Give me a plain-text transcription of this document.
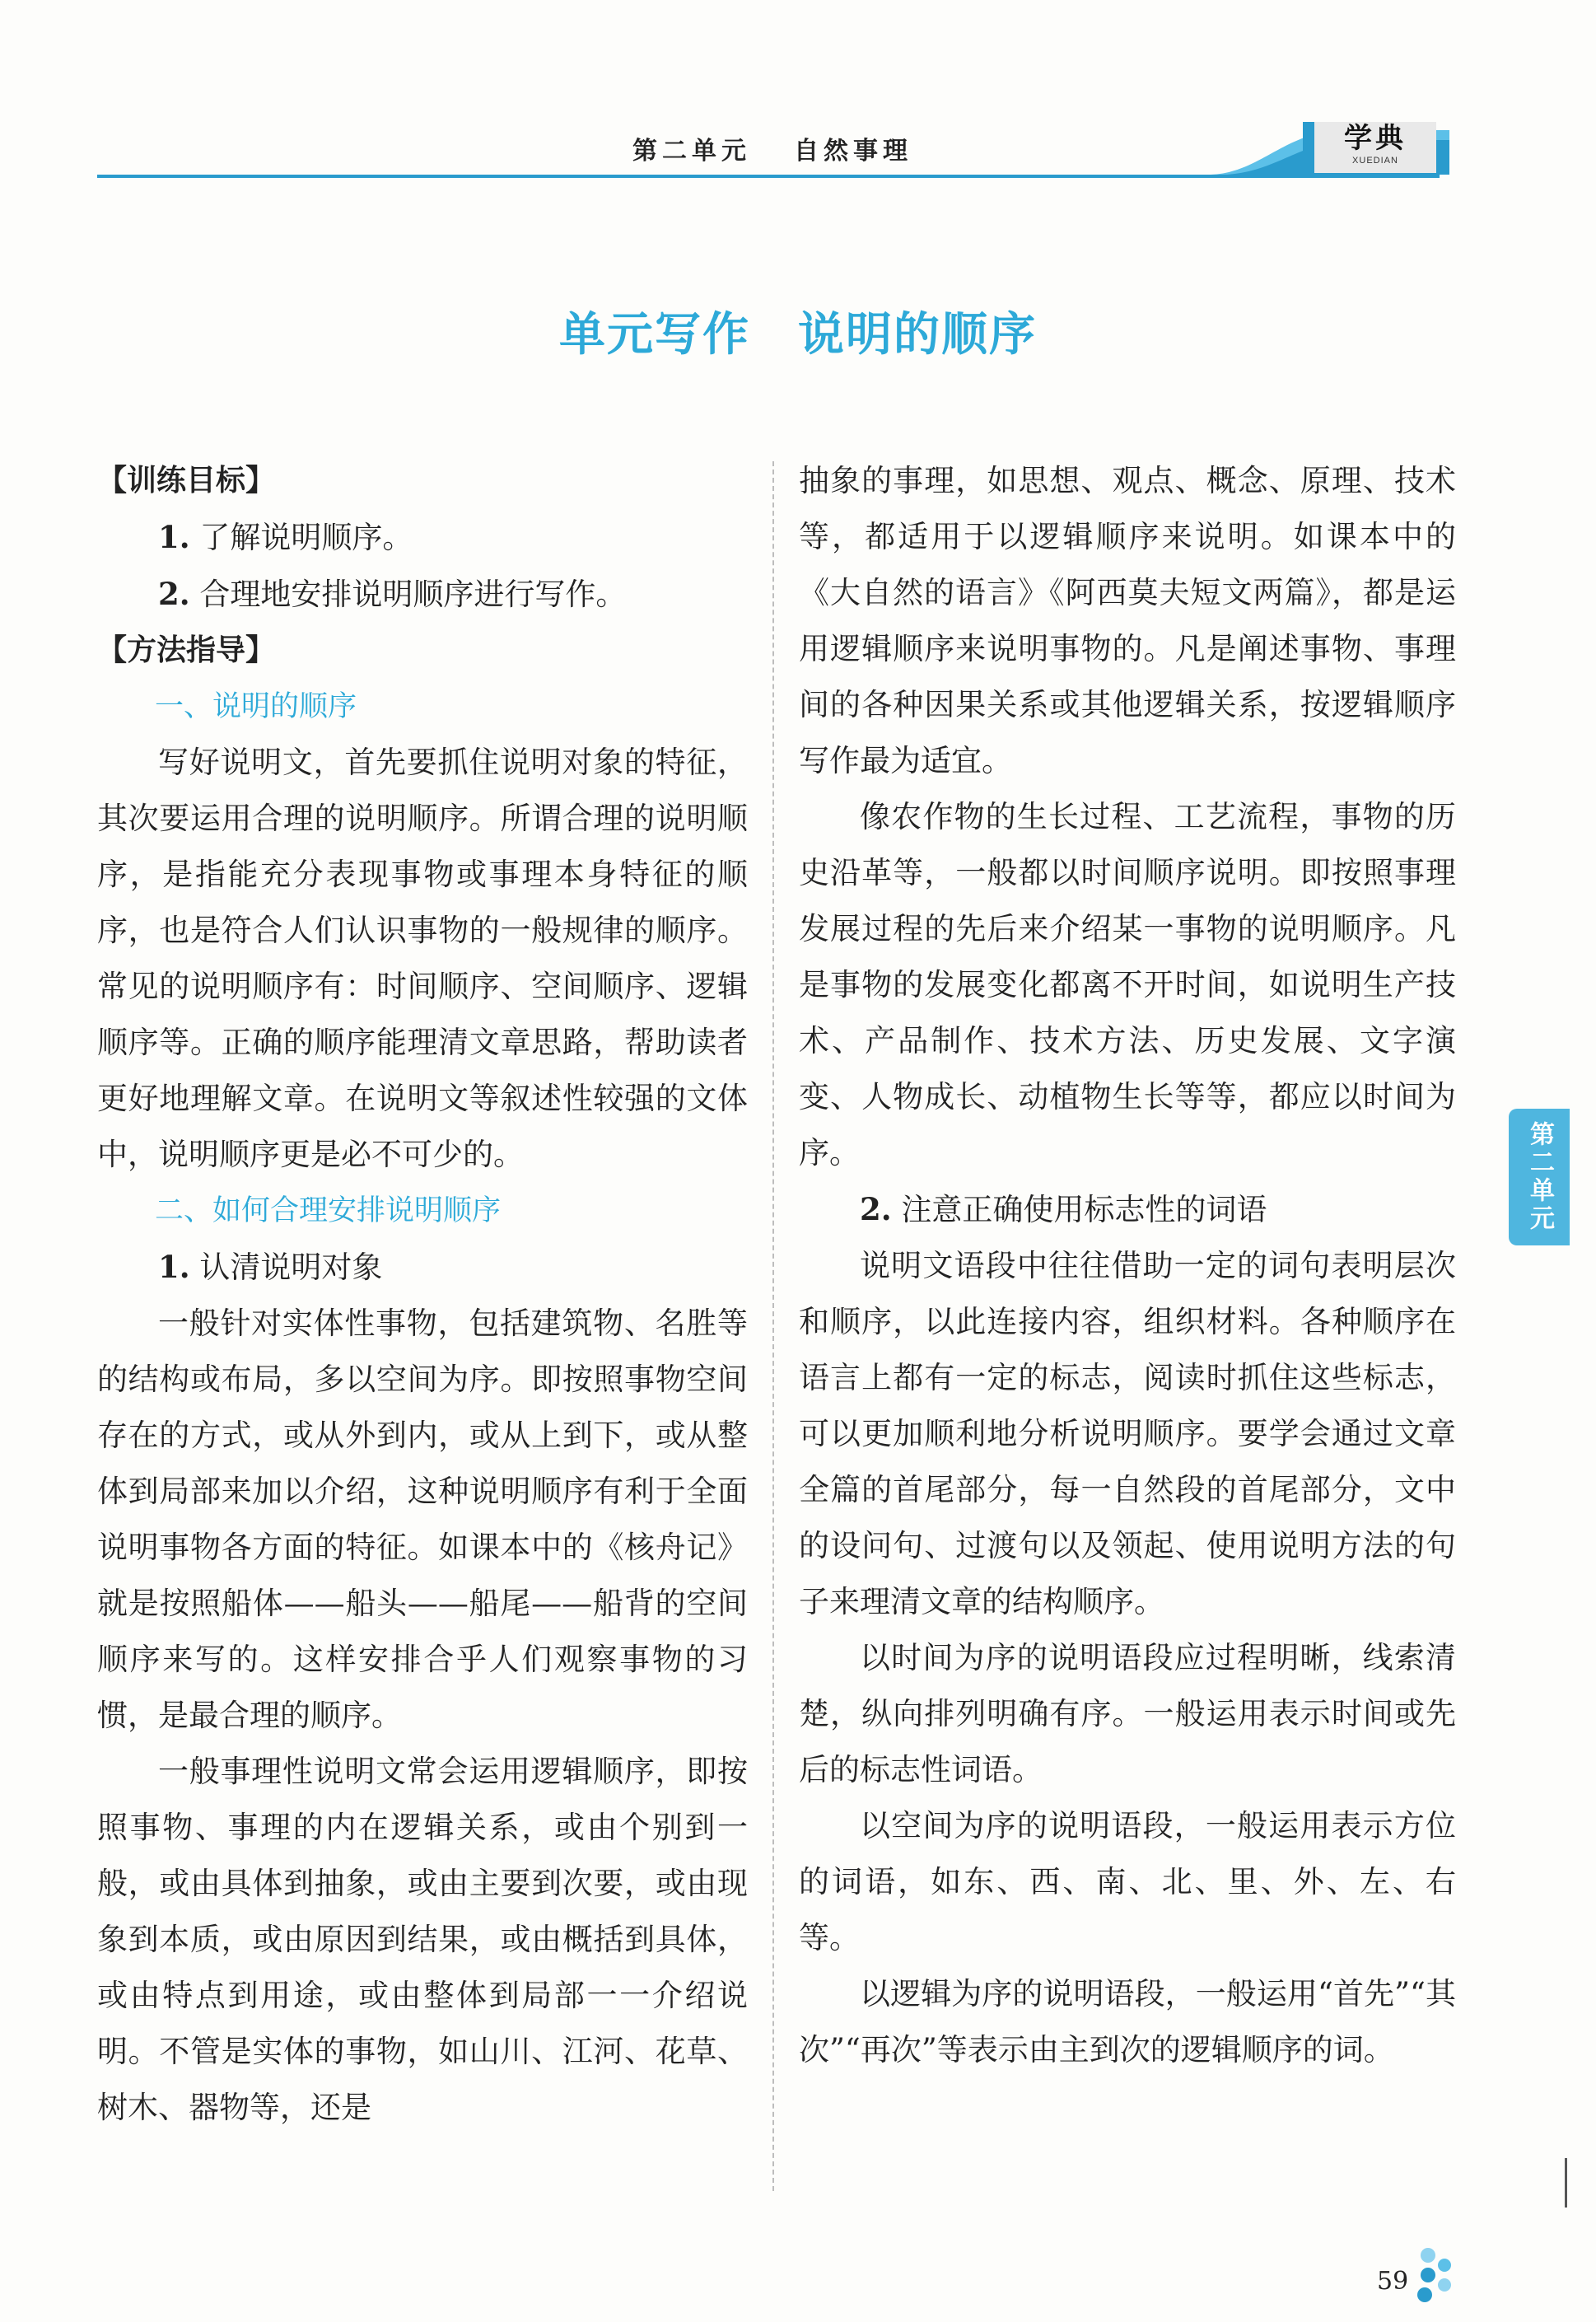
第二单元 自然事理	学典
XUEDIAN
单元写作　说明的顺序

【训练目标】

1. 了解说明顺序。

2. 合理地安排说明顺序进行写作。

【方法指导】

一、说明的顺序

写好说明文，首先要抓住说明对象的特征，其次要运用合理的说明顺序。所谓合理的说明顺序，是指能充分表现事物或事理本身特征的顺序，也是符合人们认识事物的一般规律的顺序。常见的说明顺序有：时间顺序、空间顺序、逻辑顺序等。正确的顺序能理清文章思路，帮助读者更好地理解文章。在说明文等叙述性较强的文体中，说明顺序更是必不可少的。

二、如何合理安排说明顺序

1. 认清说明对象

一般针对实体性事物，包括建筑物、名胜等的结构或布局，多以空间为序。即按照事物空间存在的方式，或从外到内，或从上到下，或从整体到局部来加以介绍，这种说明顺序有利于全面说明事物各方面的特征。如课本中的《核舟记》就是按照船体——船头——船尾——船背的空间顺序来写的。这样安排合乎人们观察事物的习惯，是最合理的顺序。

一般事理性说明文常会运用逻辑顺序，即按照事物、事理的内在逻辑关系，或由个别到一般，或由具体到抽象，或由主要到次要，或由现象到本质，或由原因到结果，或由概括到具体，或由特点到用途，或由整体到局部一一介绍说明。不管是实体的事物，如山川、江河、花草、树木、器物等，还是

抽象的事理，如思想、观点、概念、原理、技术等，都适用于以逻辑顺序来说明。如课本中的《大自然的语言》《阿西莫夫短文两篇》，都是运用逻辑顺序来说明事物的。凡是阐述事物、事理间的各种因果关系或其他逻辑关系，按逻辑顺序写作最为适宜。

像农作物的生长过程、工艺流程，事物的历史沿革等，一般都以时间顺序说明。即按照事理发展过程的先后来介绍某一事物的说明顺序。凡是事物的发展变化都离不开时间，如说明生产技术、产品制作、技术方法、历史发展、文字演变、人物成长、动植物生长等等，都应以时间为序。

2. 注意正确使用标志性的词语

说明文语段中往往借助一定的词句表明层次和顺序，以此连接内容，组织材料。各种顺序在语言上都有一定的标志，阅读时抓住这些标志，可以更加顺利地分析说明顺序。要学会通过文章全篇的首尾部分，每一自然段的首尾部分，文中的设问句、过渡句以及领起、使用说明方法的句子来理清文章的结构顺序。

以时间为序的说明语段应过程明晰，线索清楚，纵向排列明确有序。一般运用表示时间或先后的标志性词语。

以空间为序的说明语段，一般运用表示方位的词语，如东、西、南、北、里、外、左、右等。

以逻辑为序的说明语段，一般运用“首先”“其次”“再次”等表示由主到次的逻辑顺序的词。

第二单元
59
